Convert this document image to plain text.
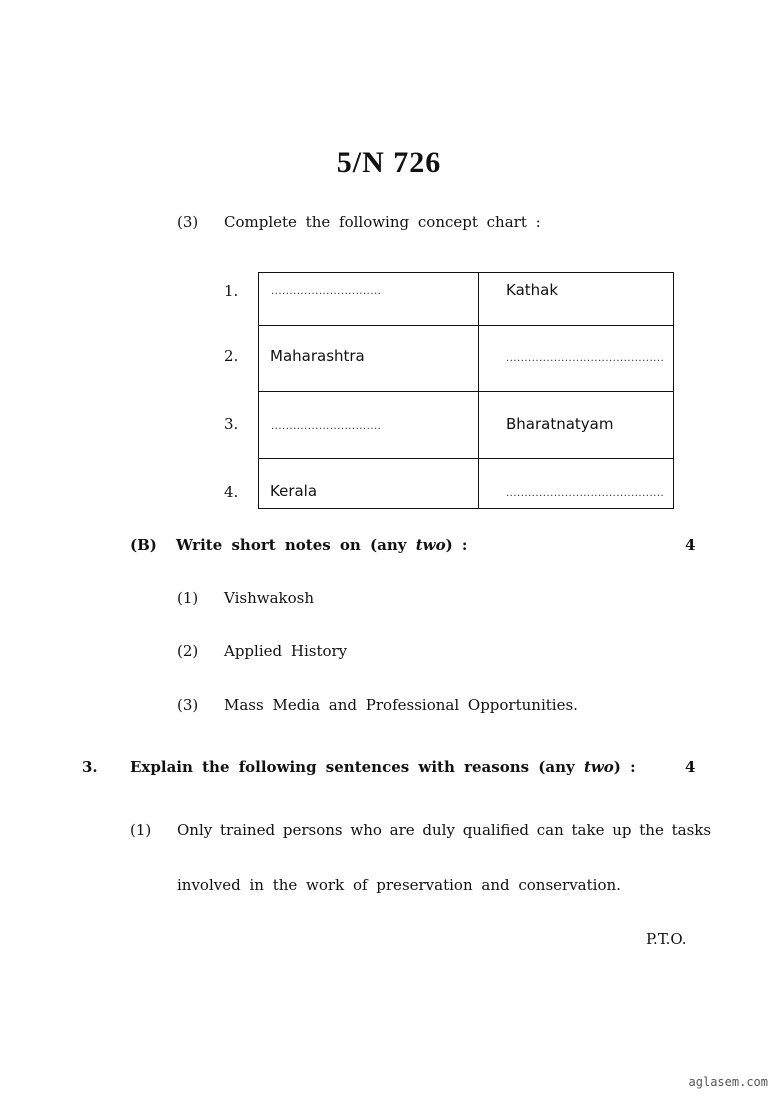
5/N 726
(3) Complete the following concept chart :
..............................	Kathak
Maharashtra	...........................................
..............................	Bharatnatyam
Kerala	...........................................
1.
2.
3.
4.
(B) Write short notes on (any two) :	4
(1) Vishwakosh
(2) Applied History
(3) Mass Media and Professional Opportunities.
3. Explain the following sentences with reasons (any two) :	4
(1) Only trained persons who are duly qualified can take up the tasks
involved in the work of preservation and conservation.
P.T.O.
aglasem.com
